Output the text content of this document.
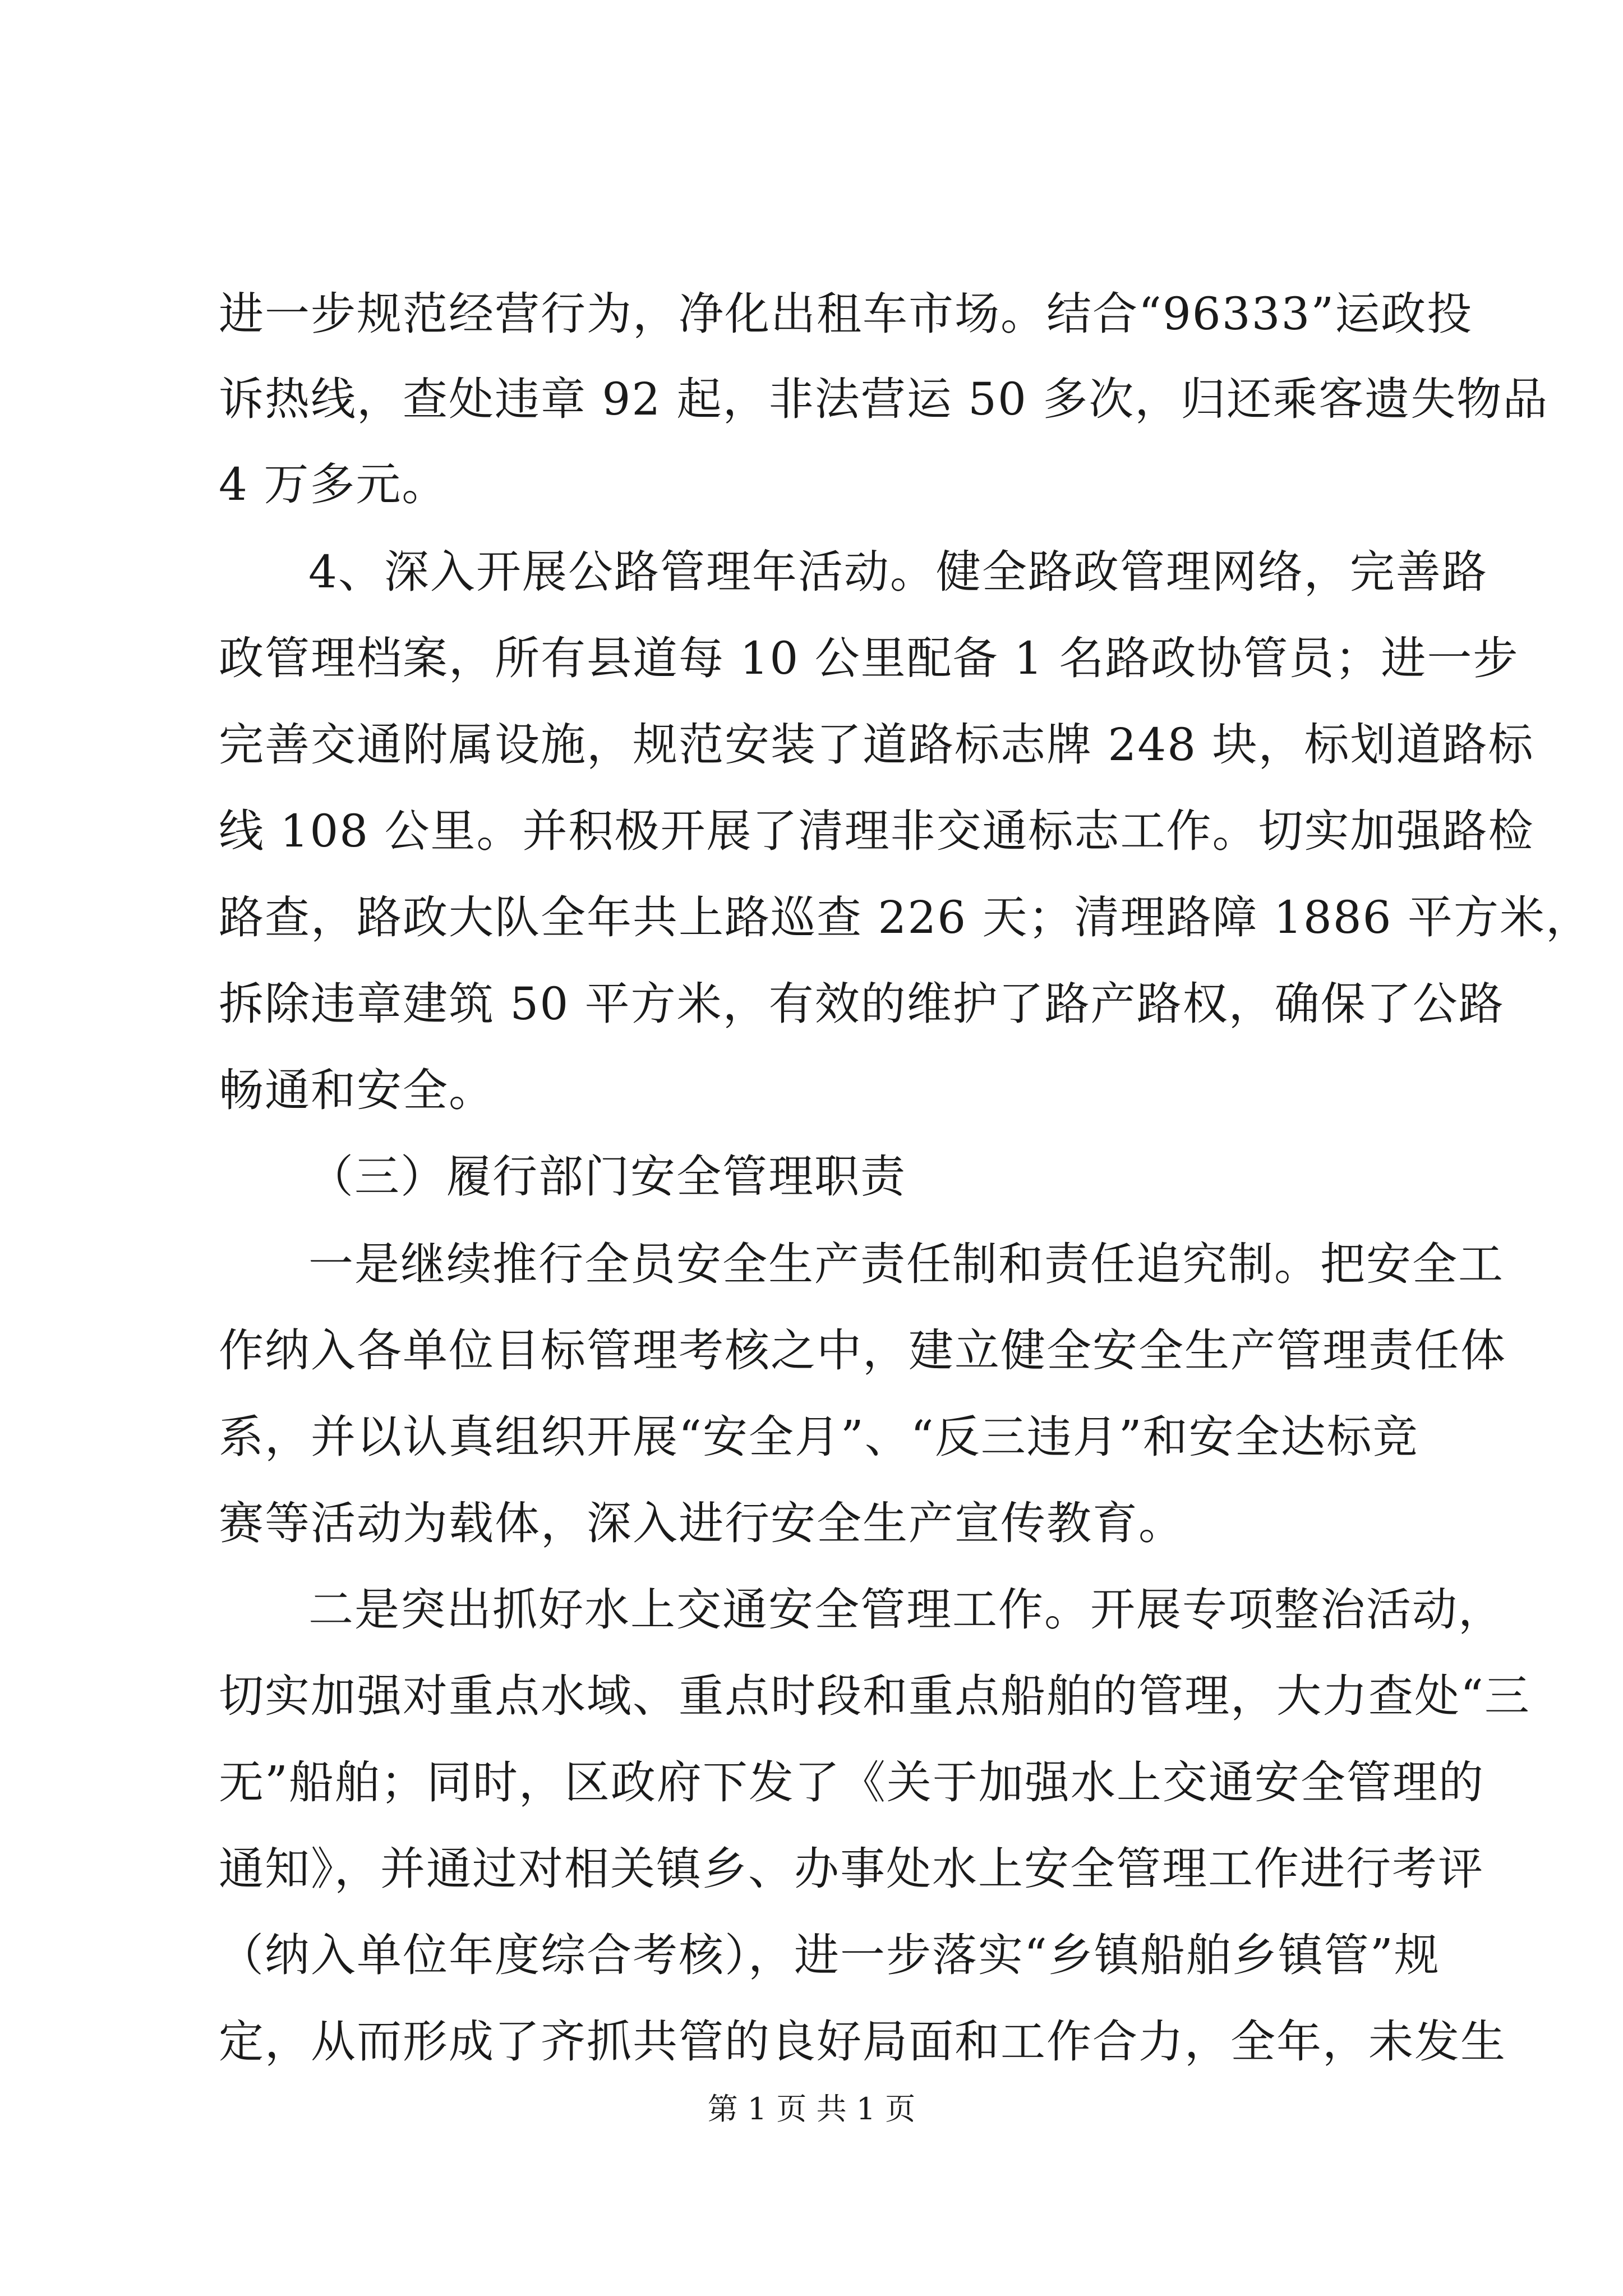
进一步规范经营行为，净化出租车市场。结合“96333”运政投
诉热线，查处违章 92 起，非法营运 50 多次，归还乘客遗失物品
4 万多元。
4、深入开展公路管理年活动。健全路政管理网络，完善路
政管理档案，所有县道每 10 公里配备 1 名路政协管员；进一步
完善交通附属设施，规范安装了道路标志牌 248 块，标划道路标
线 108 公里。并积极开展了清理非交通标志工作。切实加强路检
路查，路政大队全年共上路巡查 226 天；清理路障 1886 平方米，
拆除违章建筑 50 平方米，有效的维护了路产路权，确保了公路
畅通和安全。
（三）履行部门安全管理职责
一是继续推行全员安全生产责任制和责任追究制。把安全工
作纳入各单位目标管理考核之中，建立健全安全生产管理责任体
系，并以认真组织开展“安全月”、“反三违月”和安全达标竞
赛等活动为载体，深入进行安全生产宣传教育。
二是突出抓好水上交通安全管理工作。开展专项整治活动，
切实加强对重点水域、重点时段和重点船舶的管理，大力查处“三
无”船舶；同时，区政府下发了《关于加强水上交通安全管理的
通知》，并通过对相关镇乡、办事处水上安全管理工作进行考评
（纳入单位年度综合考核），进一步落实“乡镇船舶乡镇管”规
定，从而形成了齐抓共管的良好局面和工作合力，全年，未发生
第 1 页 共 1 页
